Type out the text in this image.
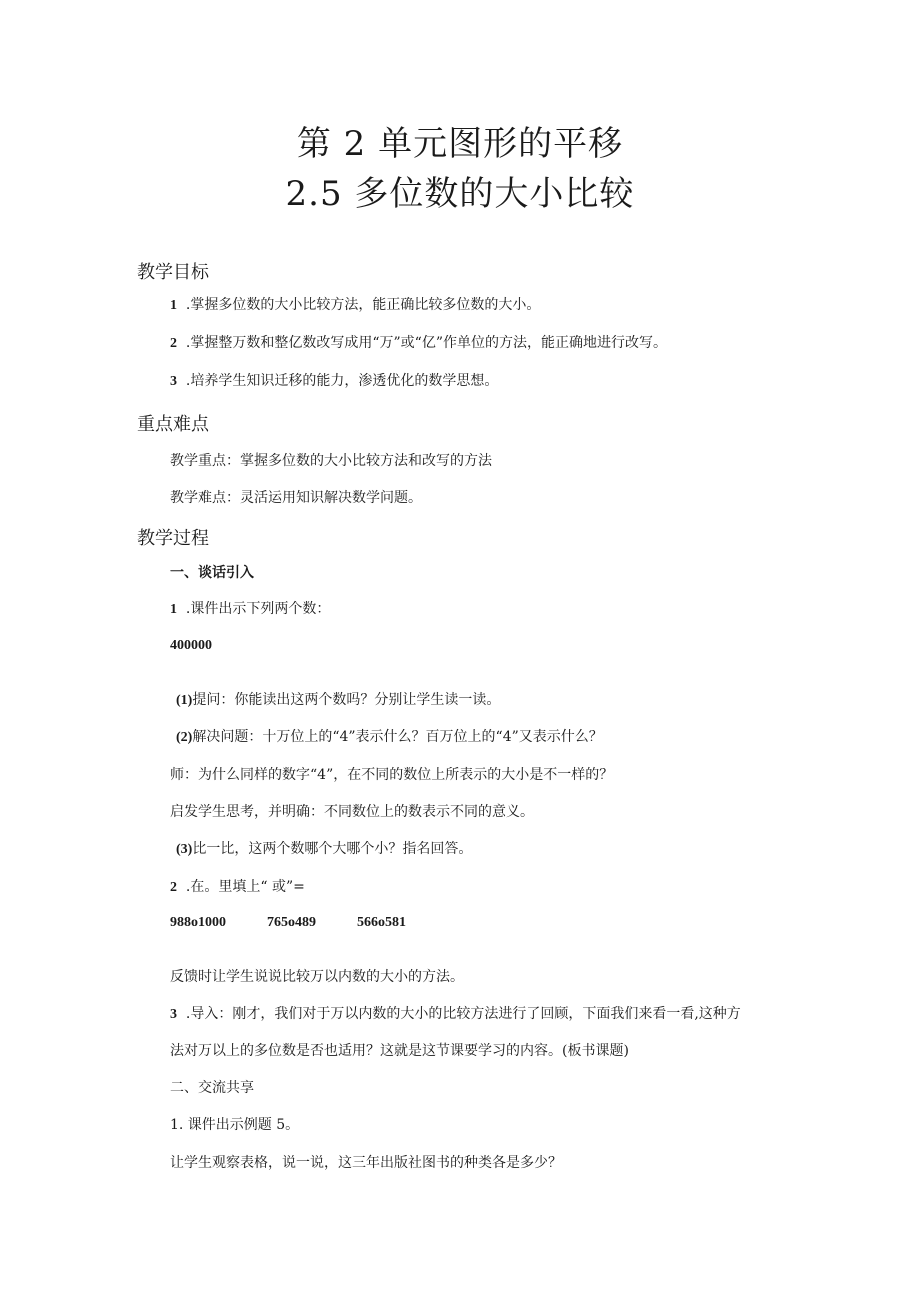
第 2 单元图形的平移
2.5 多位数的大小比较
教学目标
1 .掌握多位数的大小比较方法，能正确比较多位数的大小。
2 .掌握整万数和整亿数改写成用“万”或“亿”作单位的方法，能正确地进行改写。
3 .培养学生知识迁移的能力，渗透优化的数学思想。
重点难点
教学重点：掌握多位数的大小比较方法和改写的方法
教学难点：灵活运用知识解决数学问题。
教学过程
一、谈话引入
1 .课件出示下列两个数：
400000
(1)提问：你能读出这两个数吗？分别让学生读一读。
(2)解决问题：十万位上的“4”表示什么？百万位上的“4”又表示什么？
师：为什么同样的数字“4”，在不同的数位上所表示的大小是不一样的？
启发学生思考，并明确：不同数位上的数表示不同的意义。
(3)比一比，这两个数哪个大哪个小？指名回答。
2 .在。里填上“ 或”=
988o1000	765o489	566o581
反馈时让学生说说比较万以内数的大小的方法。
3 .导入：刚才，我们对于万以内数的大小的比较方法进行了回顾，下面我们来看一看,这种方
法对万以上的多位数是否也适用？这就是这节课要学习的内容。(板书课题)
二、交流共享
1. 课件出示例题 5。
让学生观察表格，说一说，这三年出版社图书的种类各是多少？
